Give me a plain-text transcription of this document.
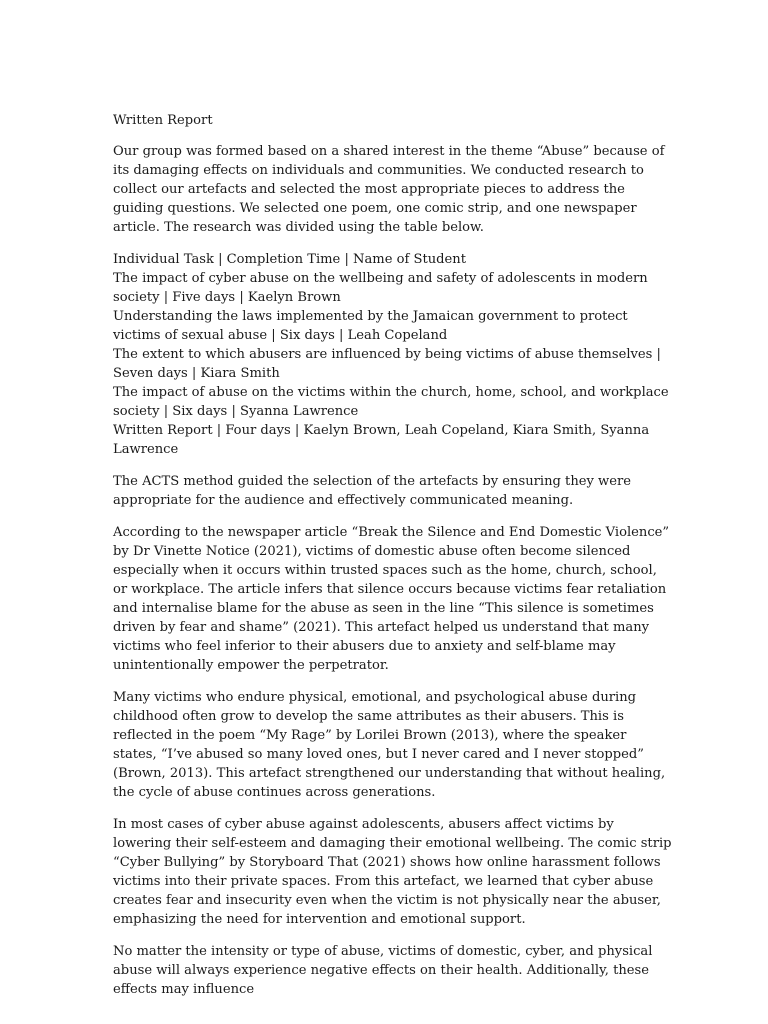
Written Report

Our group was formed based on a shared interest in the theme “Abuse” because of its damaging effects on individuals and communities. We conducted research to collect our artefacts and selected the most appropriate pieces to address the guiding questions. We selected one poem, one comic strip, and one newspaper article. The research was divided using the table below.

Individual Task | Completion Time | Name of Student

The impact of cyber abuse on the wellbeing and safety of adolescents in modern society | Five days | Kaelyn Brown

Understanding the laws implemented by the Jamaican government to protect victims of sexual abuse | Six days | Leah Copeland

The extent to which abusers are influenced by being victims of abuse themselves | Seven days | Kiara Smith

The impact of abuse on the victims within the church, home, school, and workplace society | Six days | Syanna Lawrence

Written Report | Four days | Kaelyn Brown, Leah Copeland, Kiara Smith, Syanna Lawrence

The ACTS method guided the selection of the artefacts by ensuring they were appropriate for the audience and effectively communicated meaning.

According to the newspaper article “Break the Silence and End Domestic Violence” by Dr Vinette Notice (2021), victims of domestic abuse often become silenced especially when it occurs within trusted spaces such as the home, church, school, or workplace. The article infers that silence occurs because victims fear retaliation and internalise blame for the abuse as seen in the line “This silence is sometimes driven by fear and shame” (2021). This artefact helped us understand that many victims who feel inferior to their abusers due to anxiety and self-blame may unintentionally empower the perpetrator.

Many victims who endure physical, emotional, and psychological abuse during childhood often grow to develop the same attributes as their abusers. This is reflected in the poem “My Rage” by Lorilei Brown (2013), where the speaker states, “I’ve abused so many loved ones, but I never cared and I never stopped” (Brown, 2013). This artefact strengthened our understanding that without healing, the cycle of abuse continues across generations.

In most cases of cyber abuse against adolescents, abusers affect victims by lowering their self-esteem and damaging their emotional wellbeing. The comic strip “Cyber Bullying” by Storyboard That (2021) shows how online harassment follows victims into their private spaces. From this artefact, we learned that cyber abuse creates fear and insecurity even when the victim is not physically near the abuser, emphasizing the need for intervention and emotional support.

No matter the intensity or type of abuse, victims of domestic, cyber, and physical abuse will always experience negative effects on their health. Additionally, these effects may influence
